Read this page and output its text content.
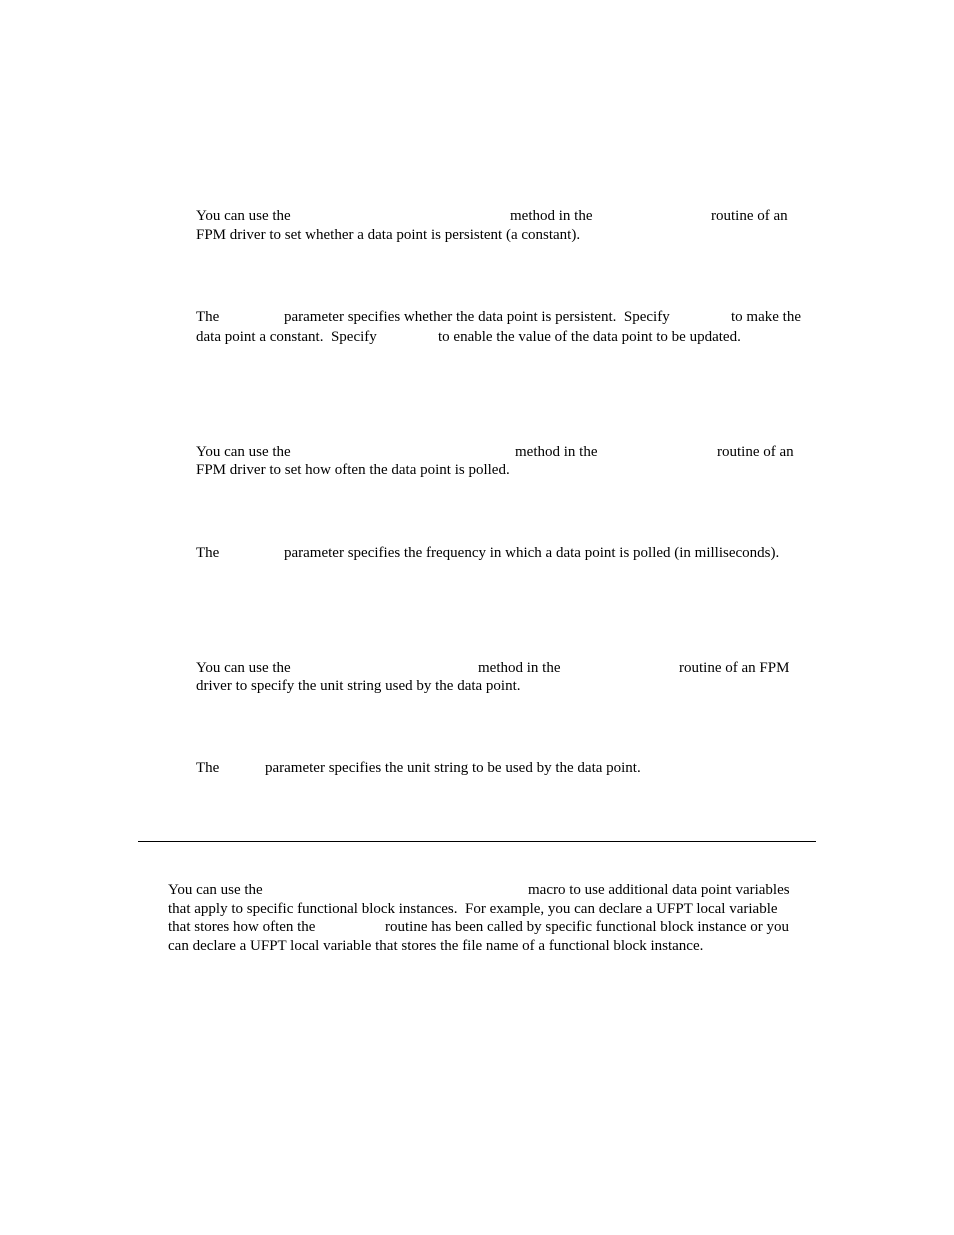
You can use the	method in the	routine of an
FPM driver to set whether a data point is persistent (a constant).
The	parameter specifies whether the data point is persistent.  Specify	to make the
data point a constant.  Specify	to enable the value of the data point to be updated.
You can use the	method in the	routine of an
FPM driver to set how often the data point is polled.
The	parameter specifies the frequency in which a data point is polled (in milliseconds).
You can use the	method in the	routine of an FPM
driver to specify the unit string used by the data point.
The	parameter specifies the unit string to be used by the data point.
You can use the	macro to use additional data point variables
that apply to specific functional block instances.  For example, you can declare a UFPT local variable
that stores how often the	routine has been called by specific functional block instance or you
can declare a UFPT local variable that stores the file name of a functional block instance.
